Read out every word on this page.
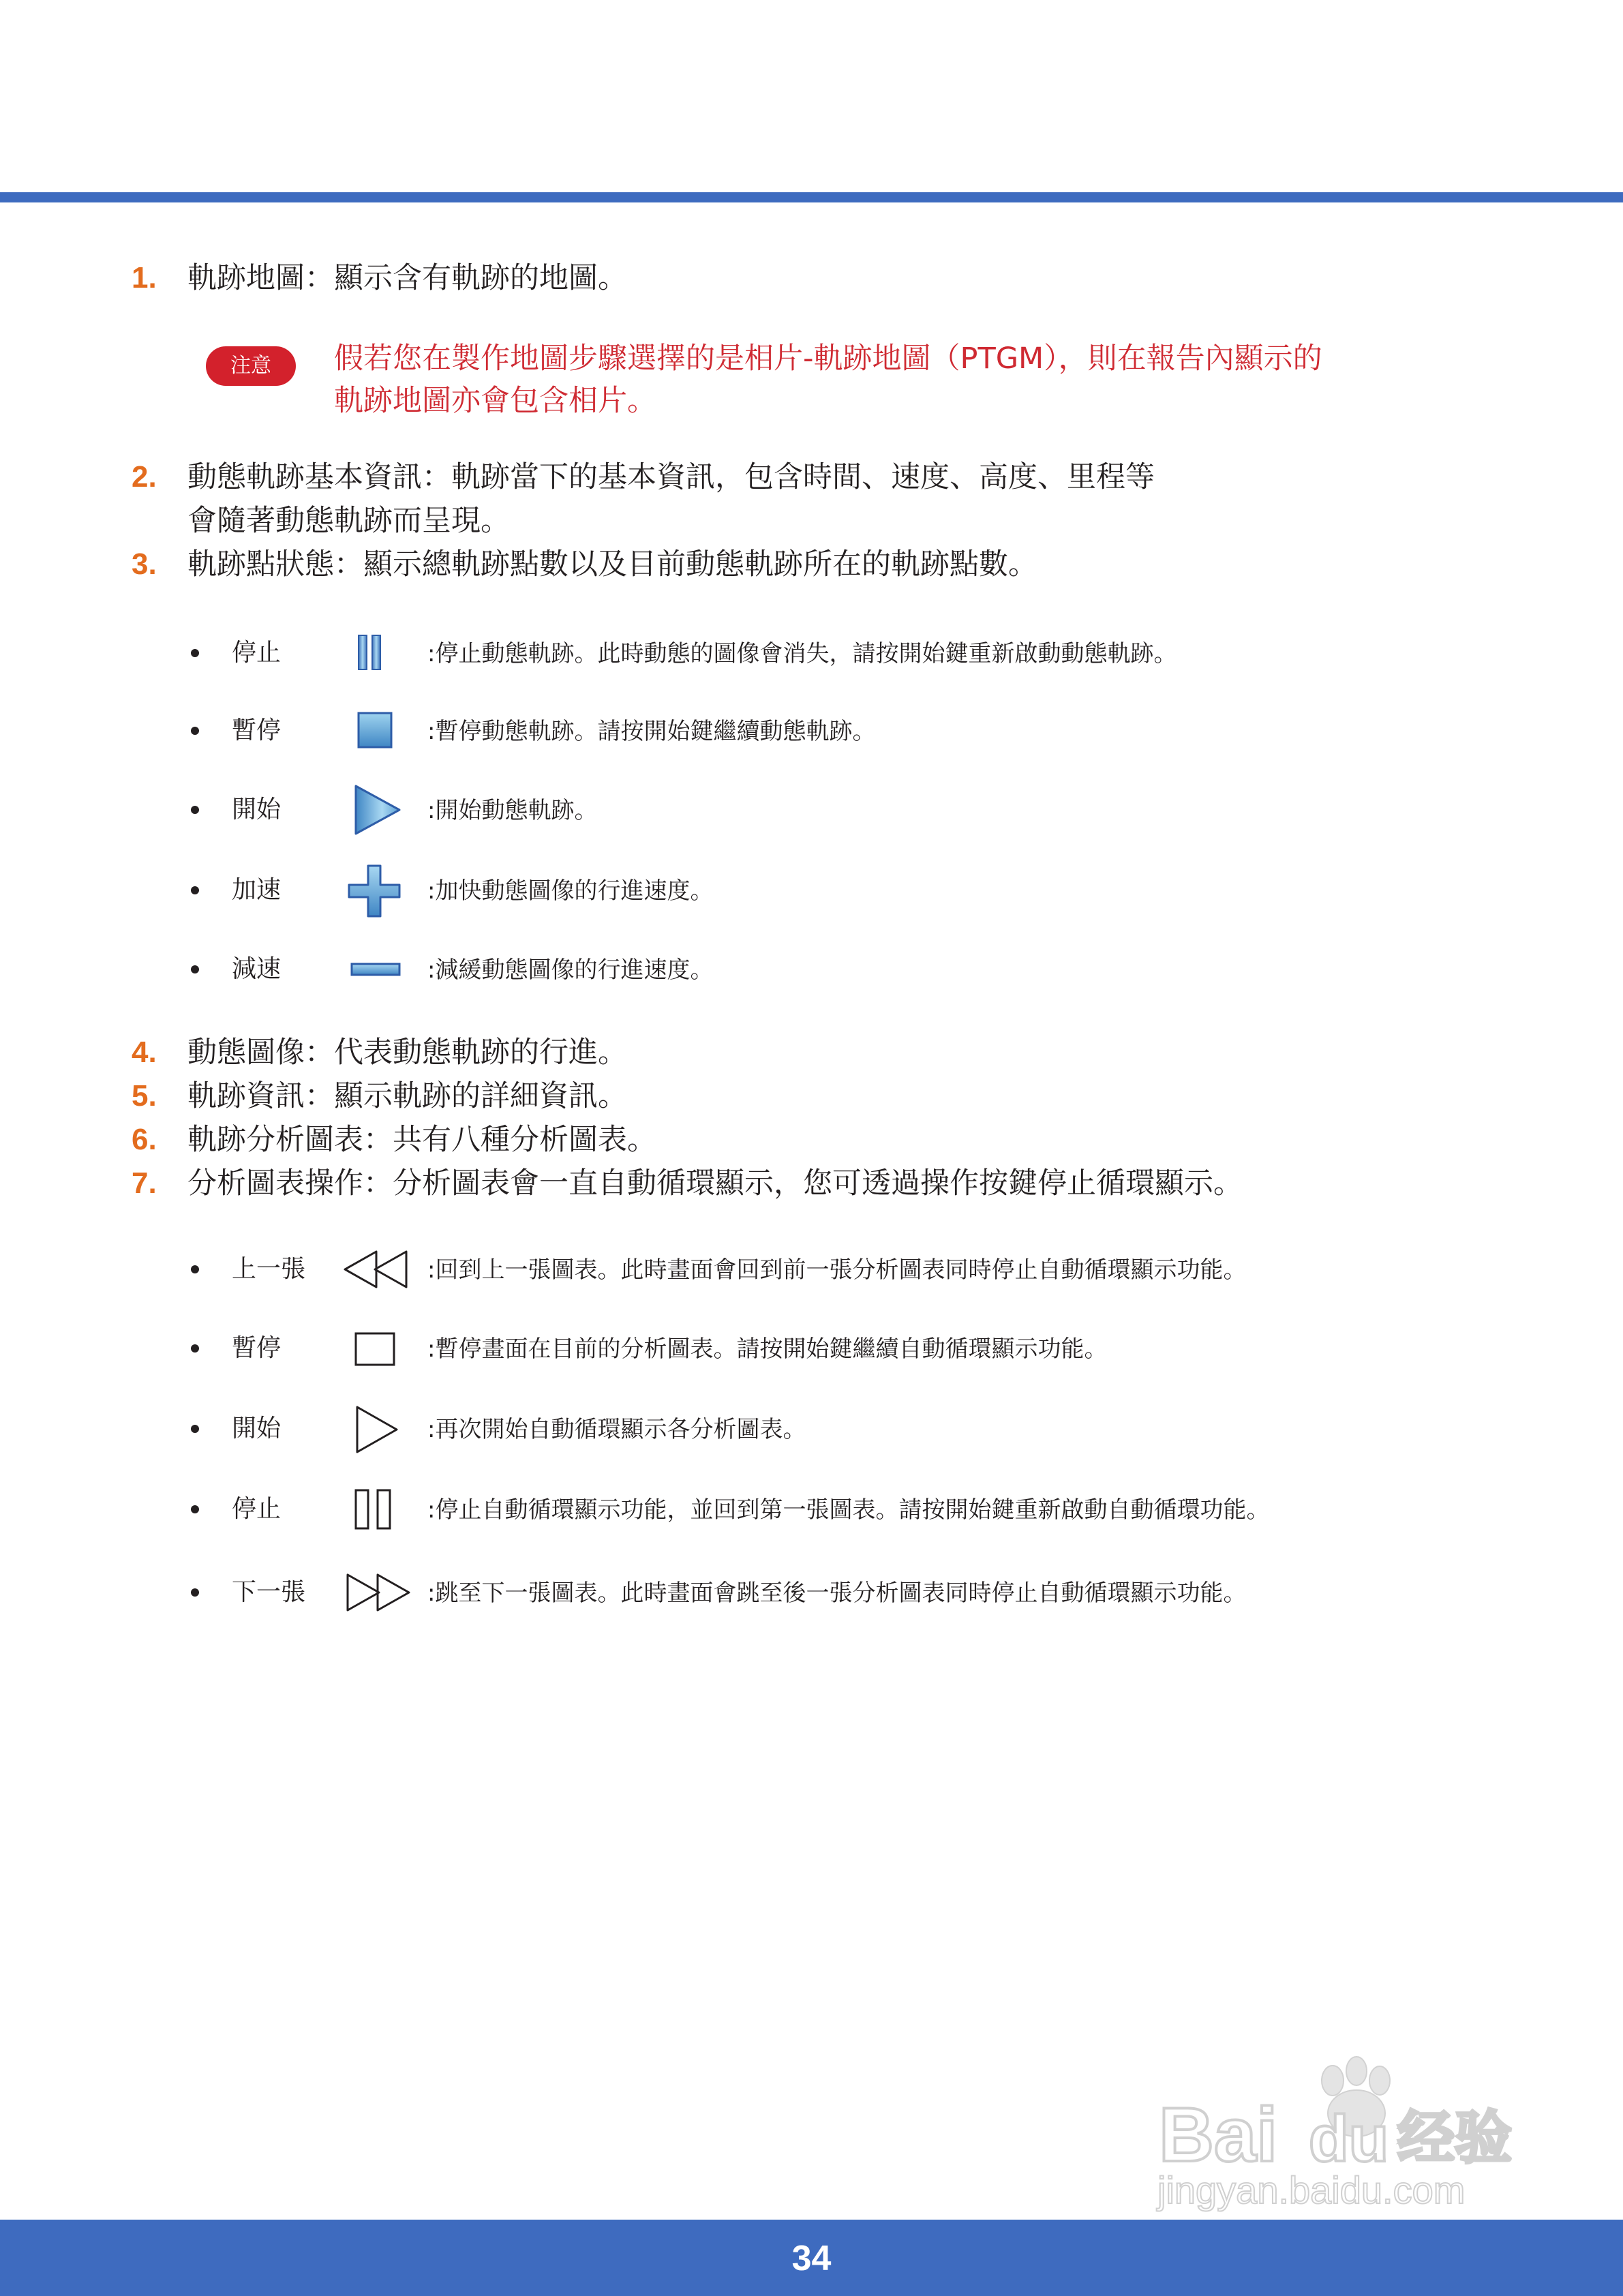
1. 軌跡地圖：顯示含有軌跡的地圖。
注意	假若您在製作地圖步驟選擇的是相片-軌跡地圖（PTGM），則在報告內顯示的
軌跡地圖亦會包含相片。
2. 動態軌跡基本資訊：軌跡當下的基本資訊，包含時間、速度、高度、里程等
會隨著動態軌跡而呈現。
3. 軌跡點狀態：顯示總軌跡點數以及目前動態軌跡所在的軌跡點數。
停止	:停止動態軌跡。此時動態的圖像會消失，請按開始鍵重新啟動動態軌跡。
暫停	:暫停動態軌跡。請按開始鍵繼續動態軌跡。
開始	:開始動態軌跡。
加速	:加快動態圖像的行進速度。
減速	:減緩動態圖像的行進速度。
4. 動態圖像：代表動態軌跡的行進。
5. 軌跡資訊：顯示軌跡的詳細資訊。
6. 軌跡分析圖表：共有八種分析圖表。
7. 分析圖表操作：分析圖表會一直自動循環顯示，您可透過操作按鍵停止循環顯示。
上一張	:回到上一張圖表。此時畫面會回到前一張分析圖表同時停止自動循環顯示功能。
暫停	:暫停畫面在目前的分析圖表。請按開始鍵繼續自動循環顯示功能。
開始	:再次開始自動循環顯示各分析圖表。
停止	:停止自動循環顯示功能，並回到第一張圖表。請按開始鍵重新啟動自動循環功能。
下一張	:跳至下一張圖表。此時畫面會跳至後一張分析圖表同時停止自動循環顯示功能。
Bai du 经验
jingyan.baidu.com
34
